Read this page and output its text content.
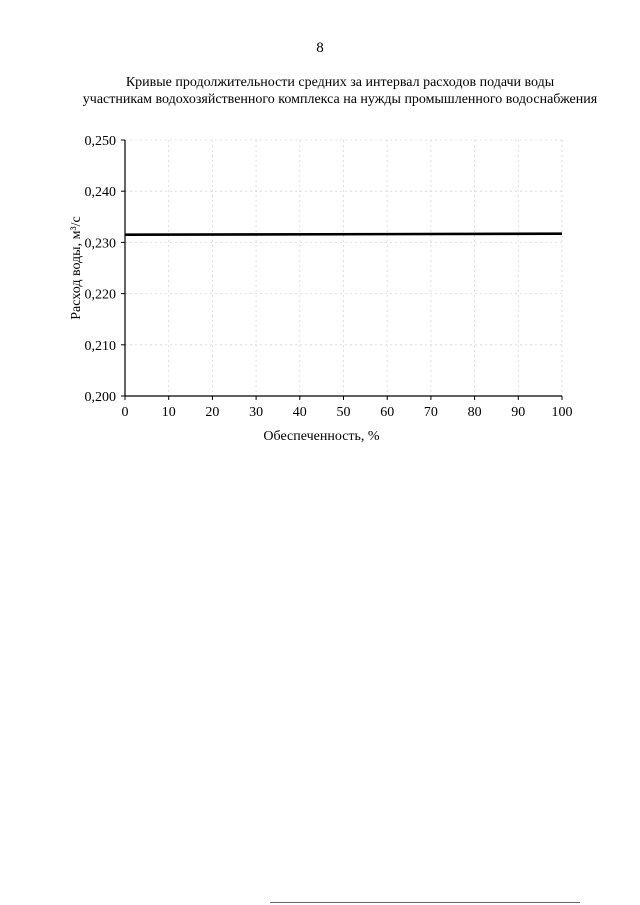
8
Кривые продолжительности средних за интервал расходов подачи воды
участникам водохозяйственного комплекса на нужды промышленного водоснабжения
0,250
0,240
0,230
0,220
0,210
0,200
0 10 20 30 40 50 60 70 80 90 100
Расход воды, м³/с
Обеспеченность, %
